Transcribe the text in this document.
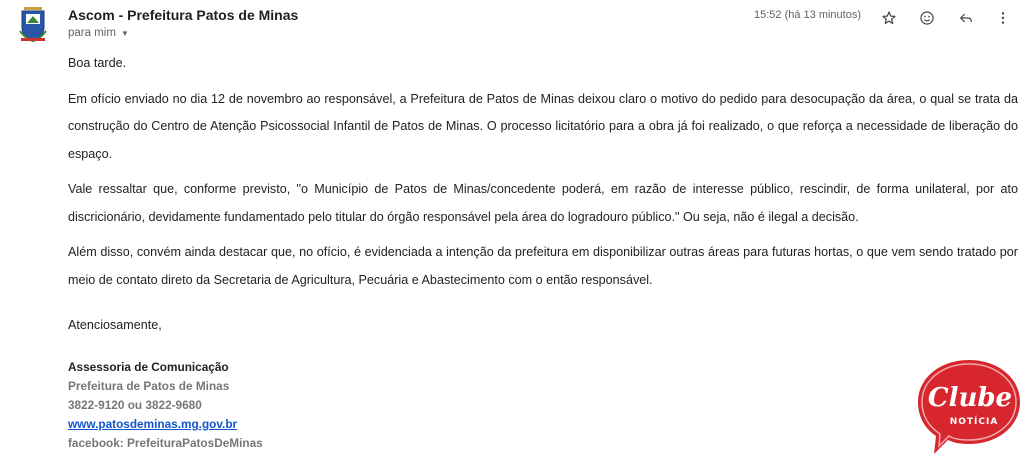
Ascom - Prefeitura Patos de Minas
para mim ▼
15:52 (há 13 minutos)

Boa tarde.

Em ofício enviado no dia 12 de novembro ao responsável, a Prefeitura de Patos de Minas deixou claro o motivo do pedido para desocupação da área, o qual se trata da construção do Centro de Atenção Psicossocial Infantil de Patos de Minas. O processo licitatório para a obra já foi realizado, o que reforça a necessidade de liberação do espaço.

Vale ressaltar que, conforme previsto, "o Município de Patos de Minas/concedente poderá, em razão de interesse público, rescindir, de forma unilateral, por ato discricionário, devidamente fundamentado pelo titular do órgão responsável pela área do logradouro público." Ou seja, não é ilegal a decisão.

Além disso, convém ainda destacar que, no ofício, é evidenciada a intenção da prefeitura em disponibilizar outras áreas para futuras hortas, o que vem sendo tratado por meio de contato direto da Secretaria de Agricultura, Pecuária e Abastecimento com o então responsável.

Atenciosamente,
Assessoria de Comunicação
Prefeitura de Patos de Minas
3822-9120 ou 3822-9680
www.patosdeminas.mg.gov.br
facebook: PrefeituraPatosDeMinas
Clube
NOTÍCIA
